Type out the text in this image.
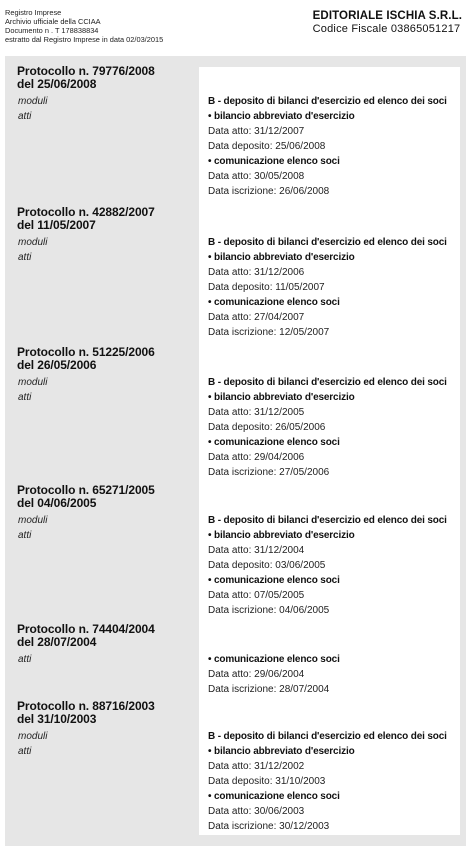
Registro Imprese
Archivio ufficiale della CCIAA
Documento n . T 178838834
estratto dal Registro Imprese in data 02/03/2015
EDITORIALE ISCHIA S.R.L.
Codice Fiscale 03865051217
Protocollo n. 79776/2008
del 25/06/2008
moduli	B - deposito di bilanci d'esercizio ed elenco dei soci
atti	• bilancio abbreviato d'esercizio
Data atto: 31/12/2007
Data deposito: 25/06/2008
• comunicazione elenco soci
Data atto: 30/05/2008
Data iscrizione: 26/06/2008
Protocollo n. 42882/2007
del 11/05/2007
moduli	B - deposito di bilanci d'esercizio ed elenco dei soci
atti	• bilancio abbreviato d'esercizio
Data atto: 31/12/2006
Data deposito: 11/05/2007
• comunicazione elenco soci
Data atto: 27/04/2007
Data iscrizione: 12/05/2007
Protocollo n. 51225/2006
del 26/05/2006
moduli	B - deposito di bilanci d'esercizio ed elenco dei soci
atti	• bilancio abbreviato d'esercizio
Data atto: 31/12/2005
Data deposito: 26/05/2006
• comunicazione elenco soci
Data atto: 29/04/2006
Data iscrizione: 27/05/2006
Protocollo n. 65271/2005
del 04/06/2005
moduli	B - deposito di bilanci d'esercizio ed elenco dei soci
atti	• bilancio abbreviato d'esercizio
Data atto: 31/12/2004
Data deposito: 03/06/2005
• comunicazione elenco soci
Data atto: 07/05/2005
Data iscrizione: 04/06/2005
Protocollo n. 74404/2004
del 28/07/2004
atti	• comunicazione elenco soci
Data atto: 29/06/2004
Data iscrizione: 28/07/2004
Protocollo n. 88716/2003
del 31/10/2003
moduli	B - deposito di bilanci d'esercizio ed elenco dei soci
atti	• bilancio abbreviato d'esercizio
Data atto: 31/12/2002
Data deposito: 31/10/2003
• comunicazione elenco soci
Data atto: 30/06/2003
Data iscrizione: 30/12/2003
